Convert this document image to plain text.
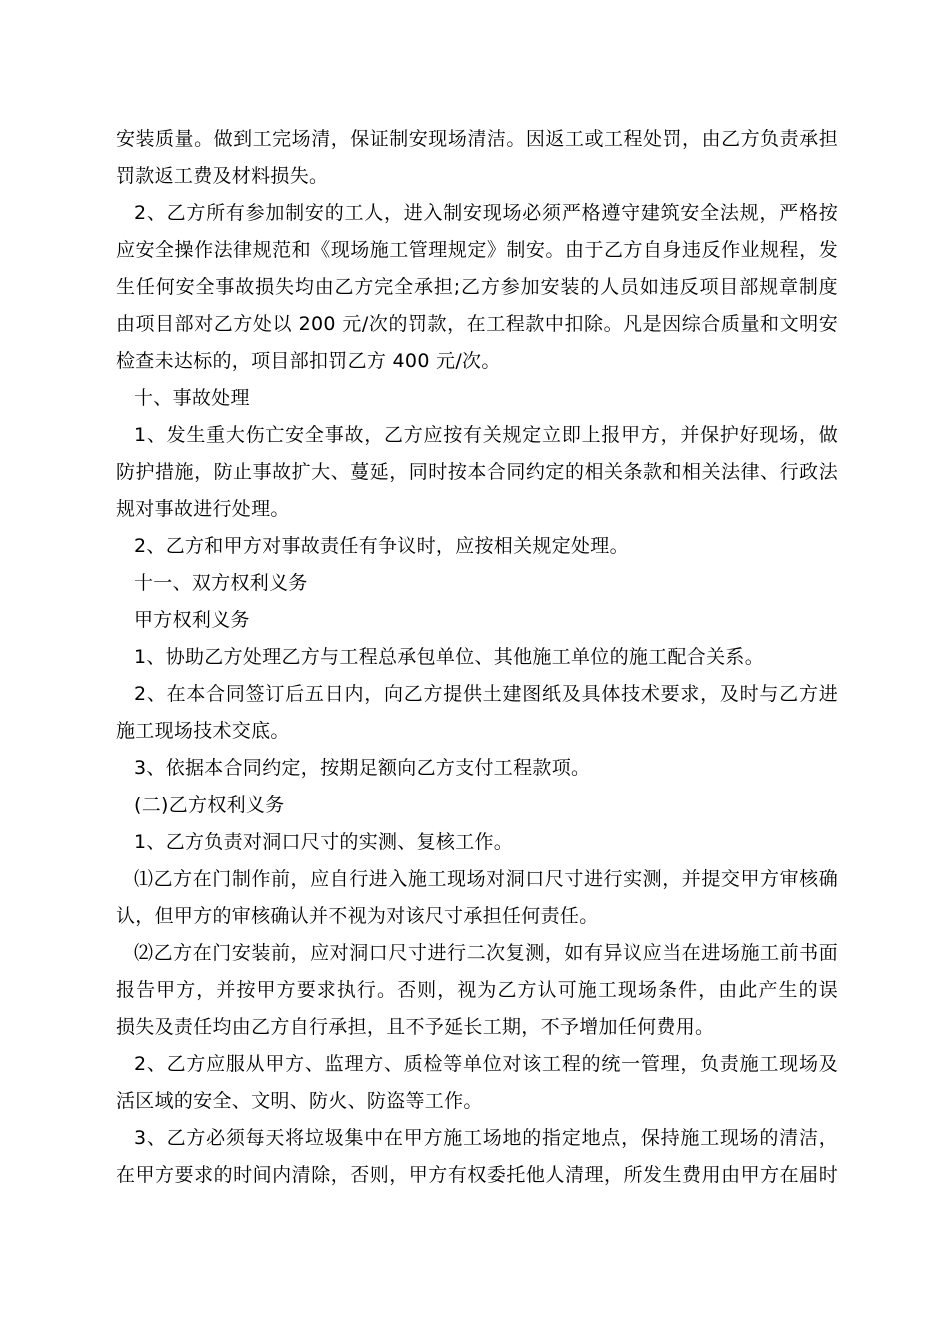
安装质量。做到工完场清，保证制安现场清洁。因返工或工程处罚，由乙方负责承担
罚款返工费及材料损失。
2、乙方所有参加制安的工人，进入制安现场必须严格遵守建筑安全法规，严格按
应安全操作法律规范和《现场施工管理规定》制安。由于乙方自身违反作业规程，发
生任何安全事故损失均由乙方完全承担;乙方参加安装的人员如违反项目部规章制度
由项目部对乙方处以 200 元/次的罚款，在工程款中扣除。凡是因综合质量和文明安
检查未达标的，项目部扣罚乙方 400 元/次。
十、事故处理
1、发生重大伤亡安全事故，乙方应按有关规定立即上报甲方，并保护好现场，做
防护措施，防止事故扩大、蔓延，同时按本合同约定的相关条款和相关法律、行政法
规对事故进行处理。
2、乙方和甲方对事故责任有争议时，应按相关规定处理。
十一、双方权利义务
甲方权利义务
1、协助乙方处理乙方与工程总承包单位、其他施工单位的施工配合关系。
2、在本合同签订后五日内，向乙方提供土建图纸及具体技术要求，及时与乙方进
施工现场技术交底。
3、依据本合同约定，按期足额向乙方支付工程款项。
(二)乙方权利义务
1、乙方负责对洞口尺寸的实测、复核工作。
⑴乙方在门制作前，应自行进入施工现场对洞口尺寸进行实测，并提交甲方审核确
认，但甲方的审核确认并不视为对该尺寸承担任何责任。
⑵乙方在门安装前，应对洞口尺寸进行二次复测，如有异议应当在进场施工前书面
报告甲方，并按甲方要求执行。否则，视为乙方认可施工现场条件，由此产生的误
损失及责任均由乙方自行承担，且不予延长工期，不予增加任何费用。
2、乙方应服从甲方、监理方、质检等单位对该工程的统一管理，负责施工现场及
活区域的安全、文明、防火、防盗等工作。
3、乙方必须每天将垃圾集中在甲方施工场地的指定地点，保持施工现场的清洁，
在甲方要求的时间内清除，否则，甲方有权委托他人清理，所发生费用由甲方在届时
